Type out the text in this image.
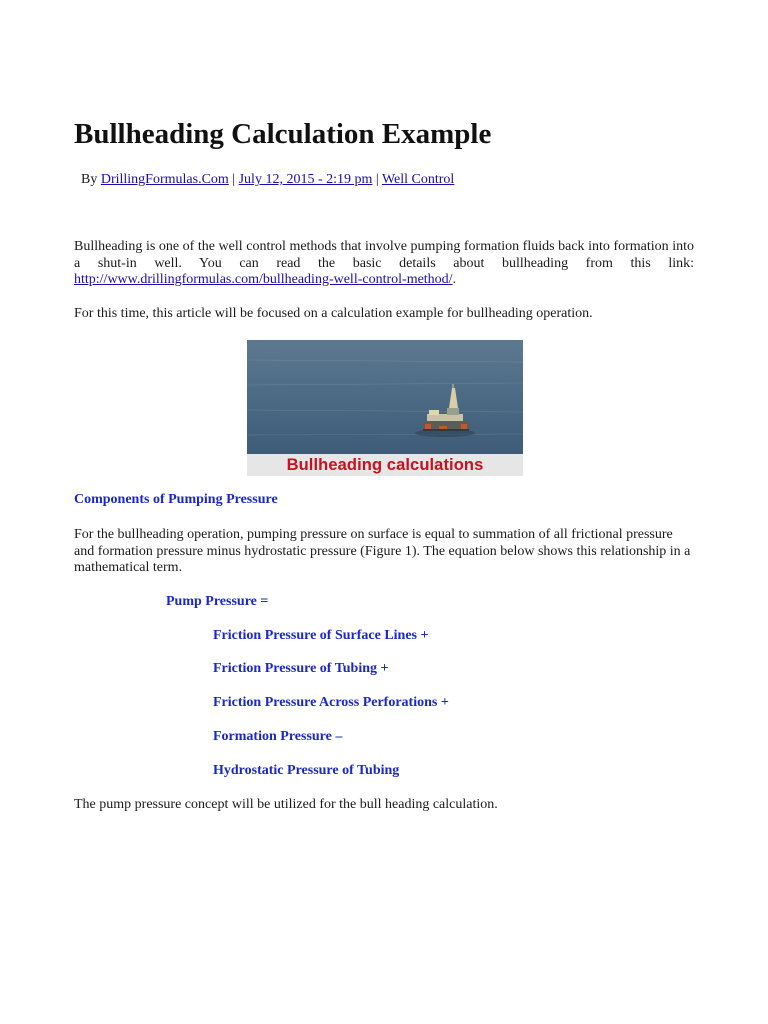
Bullheading Calculation Example
By DrillingFormulas.Com | July 12, 2015 - 2:19 pm | Well Control

Bullheading is one of the well control methods that involve pumping formation fluids back into formation into a shut-in well. You can read the basic details about bullheading from this link: http://www.drillingformulas.com/bullheading-well-control-method/.

For this time, this article will be focused on a calculation example for bullheading operation.

Bullheading calculations

Components of Pumping Pressure

For the bullheading operation, pumping pressure on surface is equal to summation of all frictional pressure and formation pressure minus hydrostatic pressure (Figure 1). The equation below shows this relationship in a mathematical term.

Pump Pressure =

Friction Pressure of Surface Lines +

Friction Pressure of Tubing +

Friction Pressure Across Perforations +

Formation Pressure –

Hydrostatic Pressure of Tubing

The pump pressure concept will be utilized for the bull heading calculation.
